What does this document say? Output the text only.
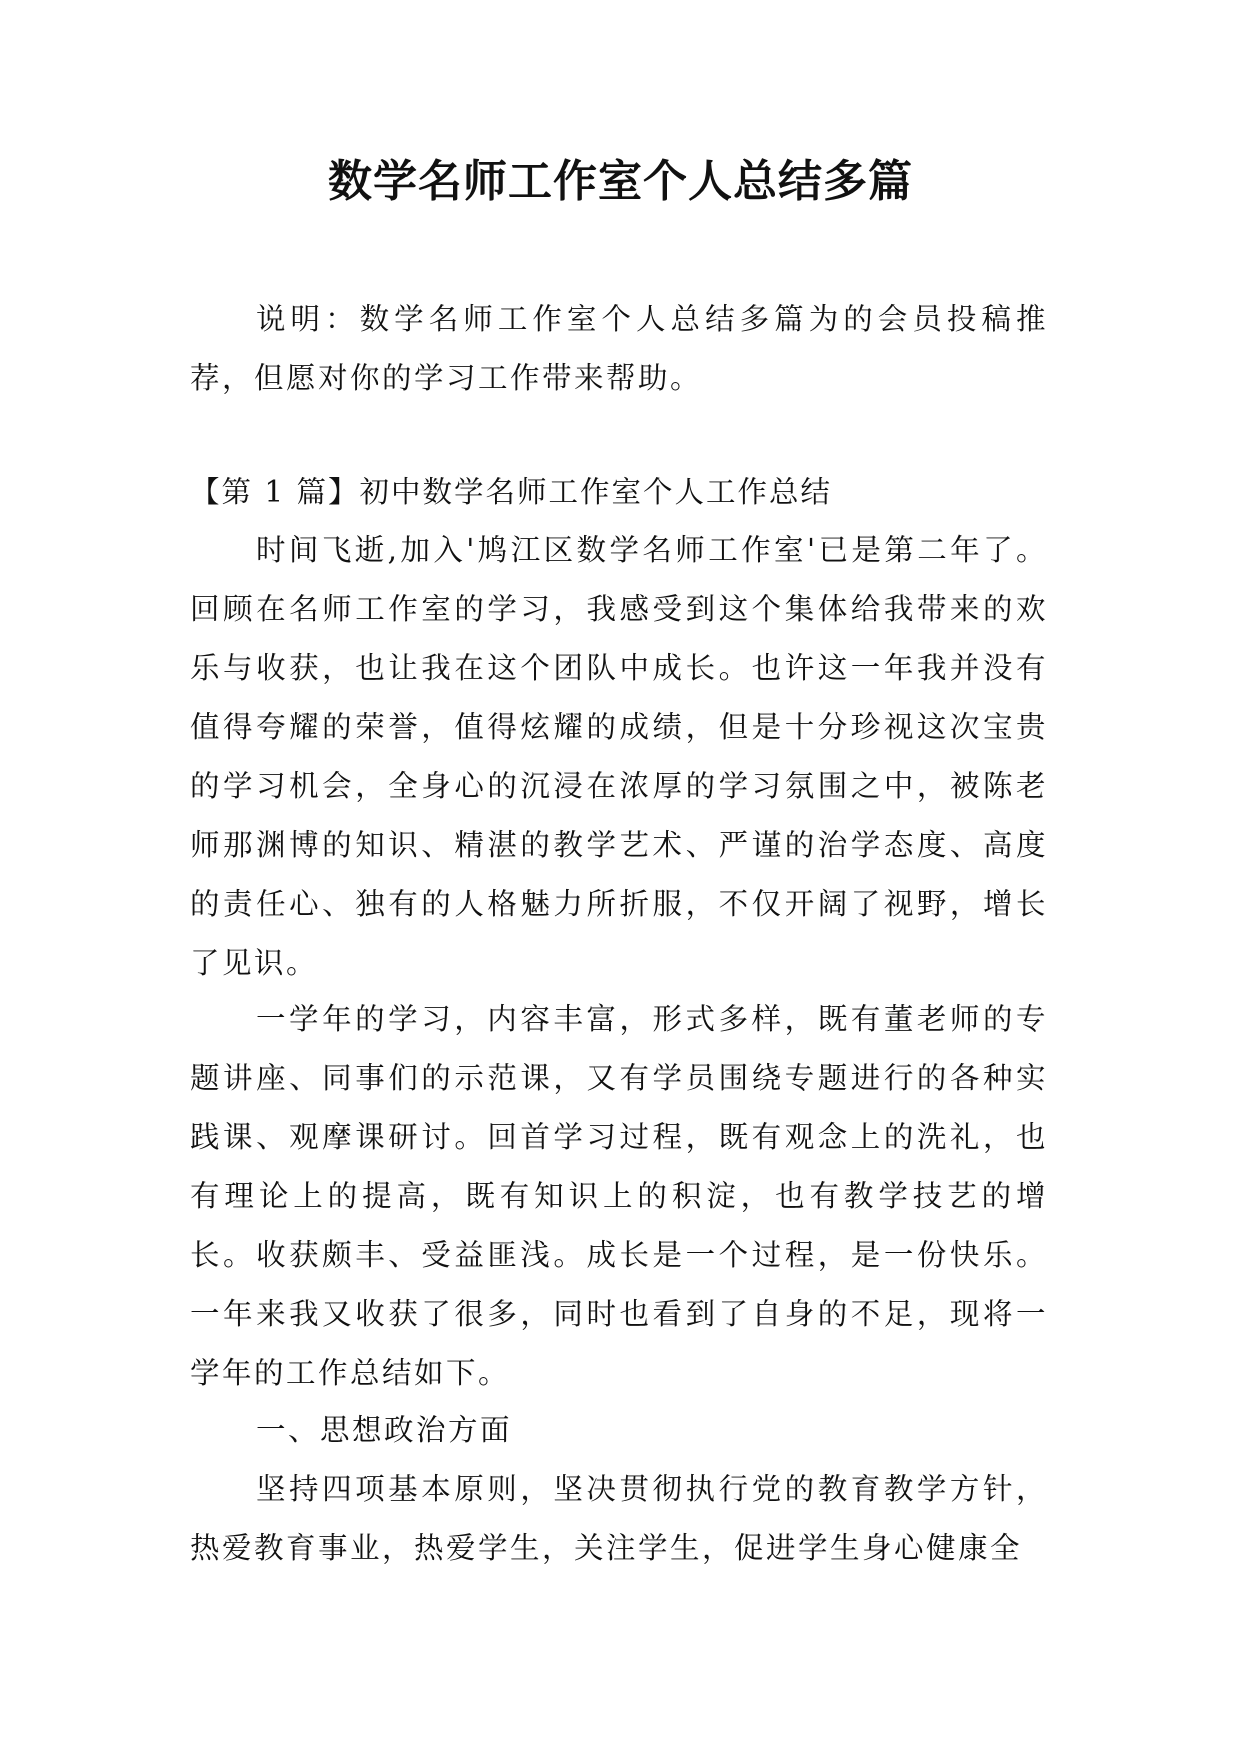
数学名师工作室个人总结多篇

说明：数学名师工作室个人总结多篇为的会员投稿推荐，但愿对你的学习工作带来帮助。

【第 1 篇】初中数学名师工作室个人工作总结

时间飞逝,加入'鸠江区数学名师工作室'已是第二年了。回顾在名师工作室的学习，我感受到这个集体给我带来的欢乐与收获，也让我在这个团队中成长。也许这一年我并没有值得夸耀的荣誉，值得炫耀的成绩，但是十分珍视这次宝贵的学习机会，全身心的沉浸在浓厚的学习氛围之中，被陈老师那渊博的知识、精湛的教学艺术、严谨的治学态度、高度的责任心、独有的人格魅力所折服，不仅开阔了视野，增长了见识。

一学年的学习，内容丰富，形式多样，既有董老师的专题讲座、同事们的示范课，又有学员围绕专题进行的各种实践课、观摩课研讨。回首学习过程，既有观念上的洗礼，也有理论上的提高，既有知识上的积淀，也有教学技艺的增长。收获颇丰、受益匪浅。成长是一个过程，是一份快乐。一年来我又收获了很多，同时也看到了自身的不足，现将一学年的工作总结如下。

一、思想政治方面

坚持四项基本原则，坚决贯彻执行党的教育教学方针，热爱教育事业，热爱学生，关注学生，促进学生身心健康全
